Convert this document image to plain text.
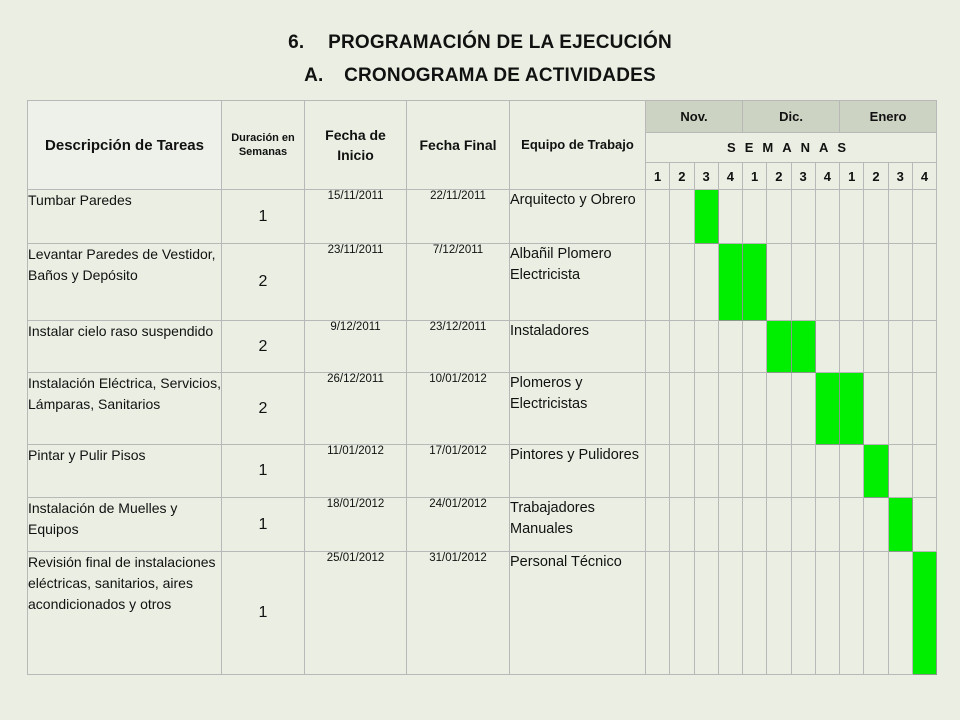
6. PROGRAMACIÓN DE LA EJECUCIÓN
A. CRONOGRAMA DE ACTIVIDADES
Descripción de Tareas	Duración en Semanas	Fecha de Inicio	Fecha Final	Equipo de Trabajo	Nov.				Dic.				Enero			
					SEMANAS											
					1	2	3	4	1	2	3	4	1	2	3	4
Tumbar Paredes	1	15/11/2011	22/11/2011	Arquitecto y Obrero												
Levantar Paredes de Vestidor, Baños y Depósito	2	23/11/2011	7/12/2011	Albañil Plomero Electricista												
Instalar cielo raso suspendido	2	9/12/2011	23/12/2011	Instaladores												
Instalación Eléctrica, Servicios, Lámparas, Sanitarios	2	26/12/2011	10/01/2012	Plomeros y Electricistas												
Pintar y Pulir Pisos	1	11/01/2012	17/01/2012	Pintores y Pulidores												
Instalación de Muelles y Equipos	1	18/01/2012	24/01/2012	Trabajadores Manuales												
Revisión final de instalaciones eléctricas, sanitarios, aires acondicionados y otros	1	25/01/2012	31/01/2012	Personal Técnico												
